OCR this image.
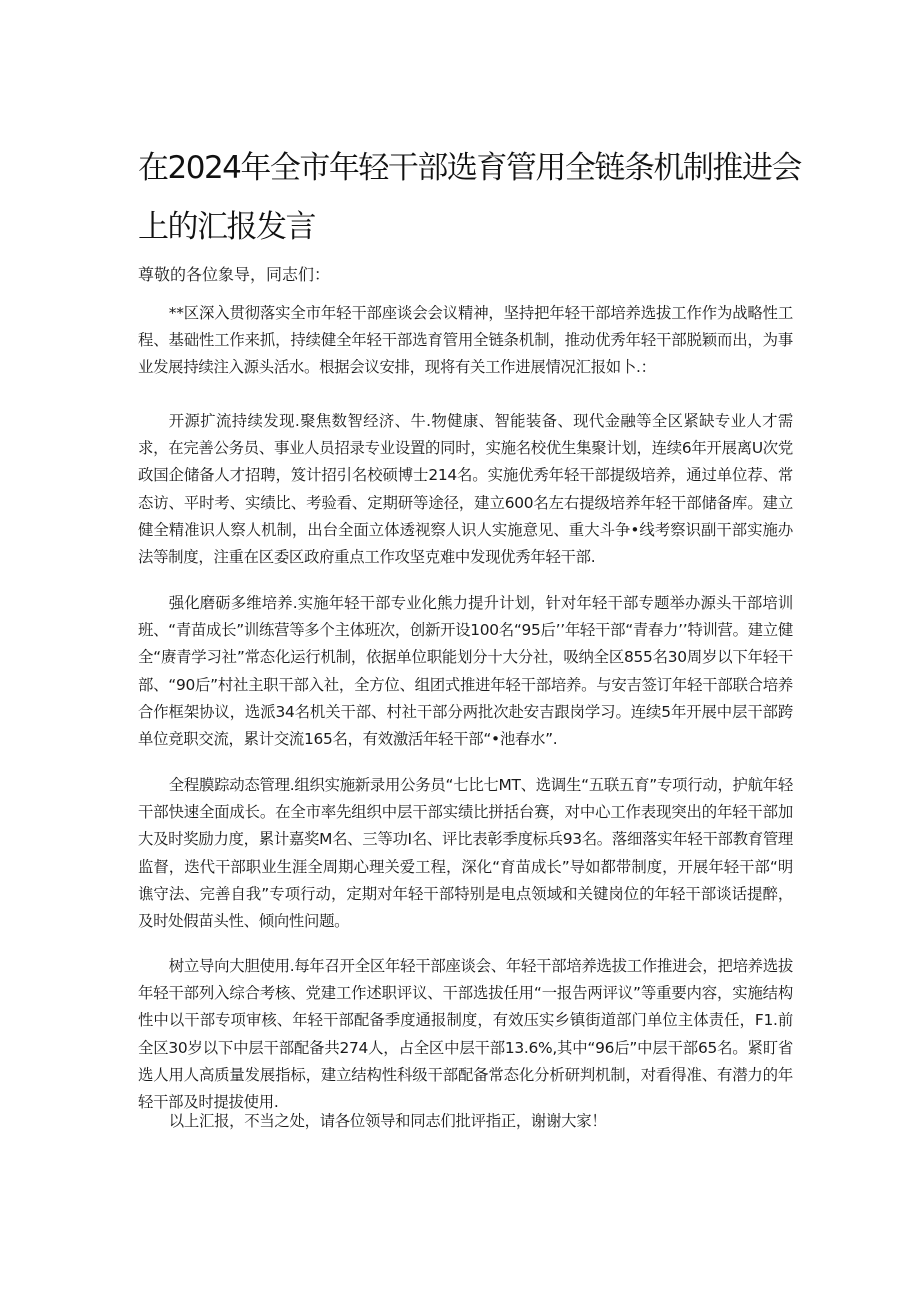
在2024年全市年轻干部选育管用全链条机制推进会
上的汇报发言

尊敬的各位象导，同志们：

**区深入贯彻落实全市年轻干部座谈会会议精神，坚持把年轻干部培养选拔工作作为战略性工程、基础性工作来抓，持续健全年轻干部选育管用全链条机制，推动优秀年轻干部脱颖而出，为事业发展持续注入源头活水。根据会议安排，现将有关工作进展情况汇报如卜.：

开源扩流持续发现.聚焦数智经济、牛.物健康、智能装备、现代金融等全区紧缺专业人才需求，在完善公务员、事业人员招录专业设置的同时，实施名校优生集聚计划，连续6年开展离U次党政国企储备人才招聘，笈计招引名校硕博士214名。实施优秀年轻干部提级培养，通过单位荐、常态访、平时考、实绩比、考验看、定期研等途径，建立600名左右提级培养年轻干部储备库。建立健全精准识人察人机制，出台全面立体透视察人识人实施意见、重大斗争•线考察识副干部实施办法等制度，注重在区委区政府重点工作攻坚克难中发现优秀年轻干部.

强化磨砺多维培养.实施年轻干部专业化熊力提升计划，针对年轻干部专题举办源头干部培训班、“青苗成长”训练营等多个主体班次，创新开设100名“95后’’年轻干部“青春力’’特训营。建立健全“赓青学习社”常态化运行机制，依据单位职能划分十大分社，吸纳全区855名30周岁以下年轻干部、“90后”村社主职干部入社，全方位、组团式推进年轻干部培养。与安吉签订年轻干部联合培养合作框架协议，选派34名机关干部、村社干部分两批次赴安吉跟岗学习。连续5年开展中层干部跨单位竞职交流，累计交流165名，有效激活年轻干部“•池春水”.

全程膜踪动态管理.组织实施新录用公务员“七比七MT、选调生“五联五育”专项行动，护航年轻干部快速全面成长。在全市率先组织中层干部实绩比拼括台赛，对中心工作表现突出的年轻干部加大及时奖励力度，累计嘉奖M名、三等功I名、评比表彰季度标兵93名。落细落实年轻干部教育管理监督，迭代干部职业生涯全周期心理关爱工程，深化“育苗成长”导如都带制度，开展年轻干部“明谯守法、完善自我”专项行动，定期对年轻干部特别是电点领域和关键岗位的年轻干部谈话提醉，及时处假苗头性、倾向性问题。

树立导向大胆使用.每年召开全区年轻干部座谈会、年轻干部培养选拔工作推进会，把培养选拔年轻干部列入综合考核、党建工作述职评议、干部选拔任用“一报告两评议”等重要内容，实施结构性中以干部专项审核、年轻干部配备季度通报制度，有效压实乡镇街道部门单位主体责任，F1.前全区30岁以下中层干部配备共274人，占全区中层干部13.6%,其中“96后”中层干部65名。紧盯省选人用人高质量发展指标，建立结构性科级干部配备常态化分析研判机制，对看得准、有潜力的年轻干部及时提拔使用.

以上汇报，不当之处，请各位领导和同志们批评指正，谢谢大家！
